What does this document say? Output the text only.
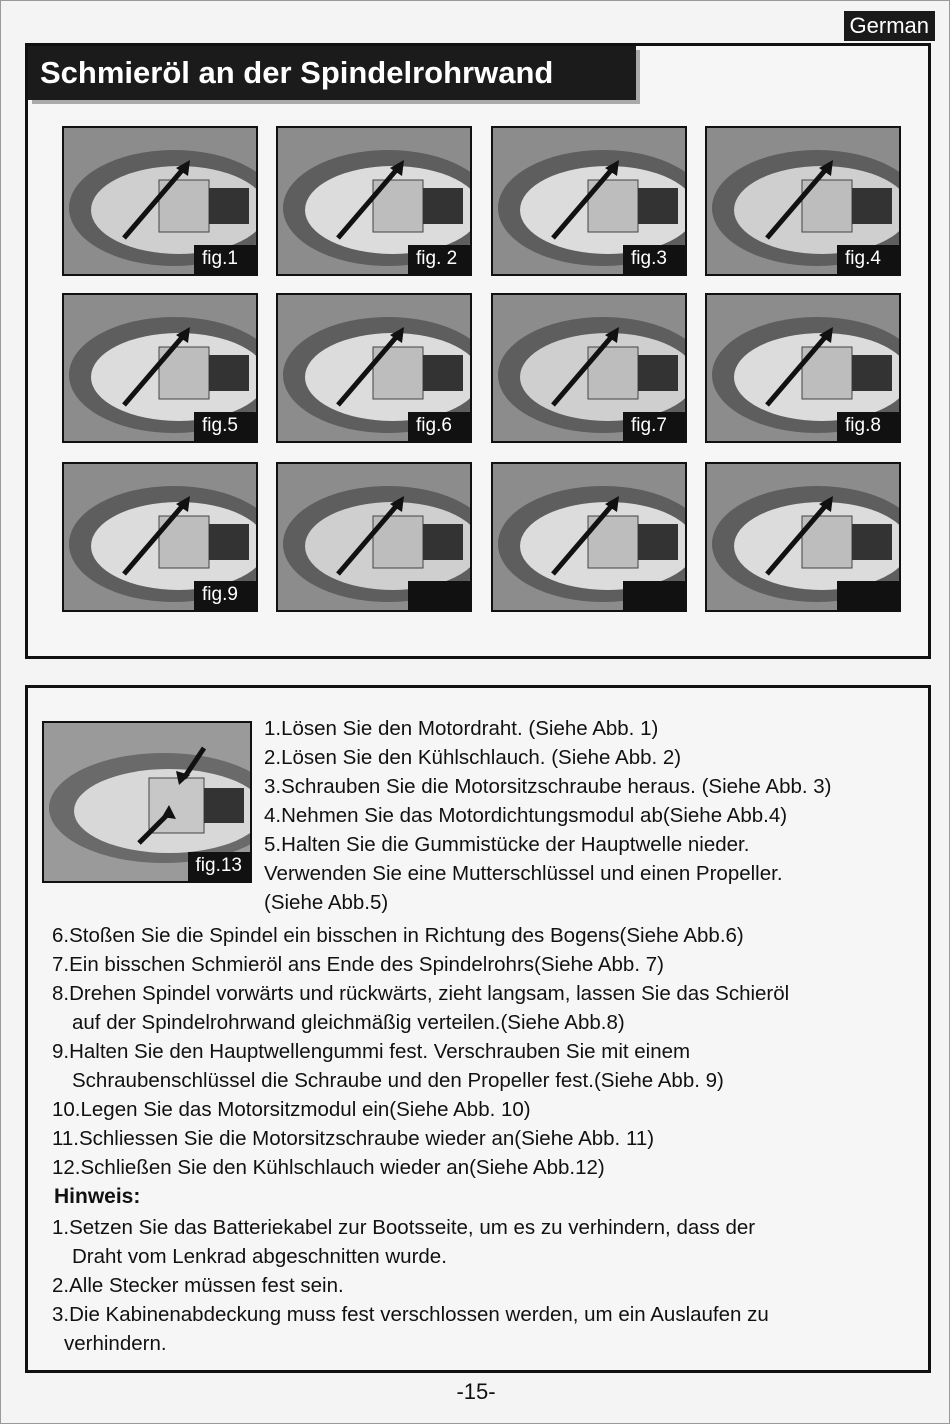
German
Schmieröl an der Spindelrohrwand
fig.1	fig. 2	fig.3	fig.4
fig.5	fig.6	fig.7	fig.8
fig.9
fig.13
1.Lösen Sie den Motordraht. (Siehe Abb. 1)
2.Lösen Sie den Kühlschlauch. (Siehe Abb. 2)
3.Schrauben Sie die Motorsitzschraube heraus. (Siehe Abb. 3)
4.Nehmen Sie das Motordichtungsmodul ab(Siehe Abb.4)
5.Halten Sie die Gummistücke der Hauptwelle nieder.
Verwenden Sie eine Mutterschlüssel und einen Propeller.
(Siehe Abb.5)
6.Stoßen Sie die Spindel ein bisschen in Richtung des Bogens(Siehe Abb.6)
7.Ein bisschen Schmieröl ans Ende des Spindelrohrs(Siehe Abb. 7)
8.Drehen Spindel vorwärts und rückwärts, zieht langsam, lassen Sie das Schieröl
auf der Spindelrohrwand gleichmäßig verteilen.(Siehe Abb.8)
9.Halten Sie den Hauptwellengummi fest. Verschrauben Sie mit einem
Schraubenschlüssel die Schraube und den Propeller fest.(Siehe Abb. 9)
10.Legen Sie das Motorsitzmodul ein(Siehe Abb. 10)
11.Schliessen Sie die Motorsitzschraube wieder an(Siehe Abb. 11)
12.Schließen Sie den Kühlschlauch wieder an(Siehe Abb.12)
Hinweis:
1.Setzen Sie das Batteriekabel zur Bootsseite, um es zu verhindern, dass der
Draht vom Lenkrad abgeschnitten wurde.
2.Alle Stecker müssen fest sein.
3.Die Kabinenabdeckung muss fest verschlossen werden, um ein Auslaufen zu
verhindern.
-15-
